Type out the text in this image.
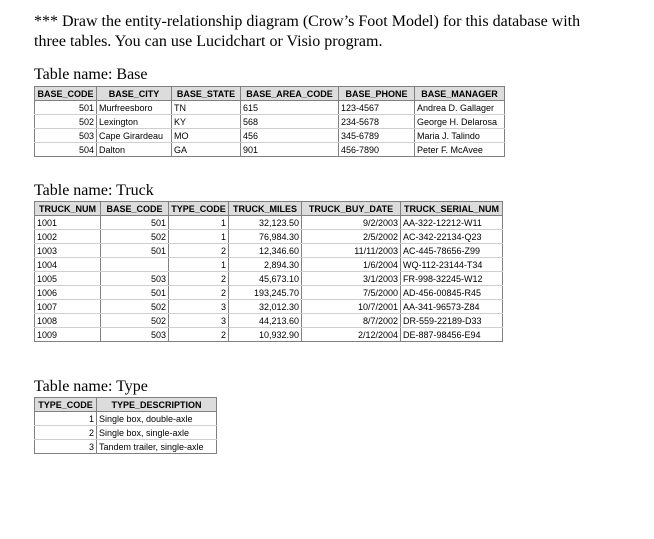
*** Draw the entity-relationship diagram (Crow’s Foot Model) for this database with
three tables. You can use Lucidchart or Visio program.
Table name: Base
BASE_CODE	BASE_CITY	BASE_STATE	BASE_AREA_CODE	BASE_PHONE	BASE_MANAGER
501	Murfreesboro	TN	615	123-4567	Andrea D. Gallager
502	Lexington	KY	568	234-5678	George H. Delarosa
503	Cape Girardeau	MO	456	345-6789	Maria J. Talindo
504	Dalton	GA	901	456-7890	Peter F. McAvee
Table name: Truck
TRUCK_NUM	BASE_CODE	TYPE_CODE	TRUCK_MILES	TRUCK_BUY_DATE	TRUCK_SERIAL_NUM
1001	501	1	32,123.50	9/2/2003	AA-322-12212-W11
1002	502	1	76,984.30	2/5/2002	AC-342-22134-Q23
1003	501	2	12,346.60	11/11/2003	AC-445-78656-Z99
1004		1	2,894.30	1/6/2004	WQ-112-23144-T34
1005	503	2	45,673.10	3/1/2003	FR-998-32245-W12
1006	501	2	193,245.70	7/5/2000	AD-456-00845-R45
1007	502	3	32,012.30	10/7/2001	AA-341-96573-Z84
1008	502	3	44,213.60	8/7/2002	DR-559-22189-D33
1009	503	2	10,932.90	2/12/2004	DE-887-98456-E94
Table name: Type
TYPE_CODE	TYPE_DESCRIPTION
1	Single box, double-axle
2	Single box, single-axle
3	Tandem trailer, single-axle
